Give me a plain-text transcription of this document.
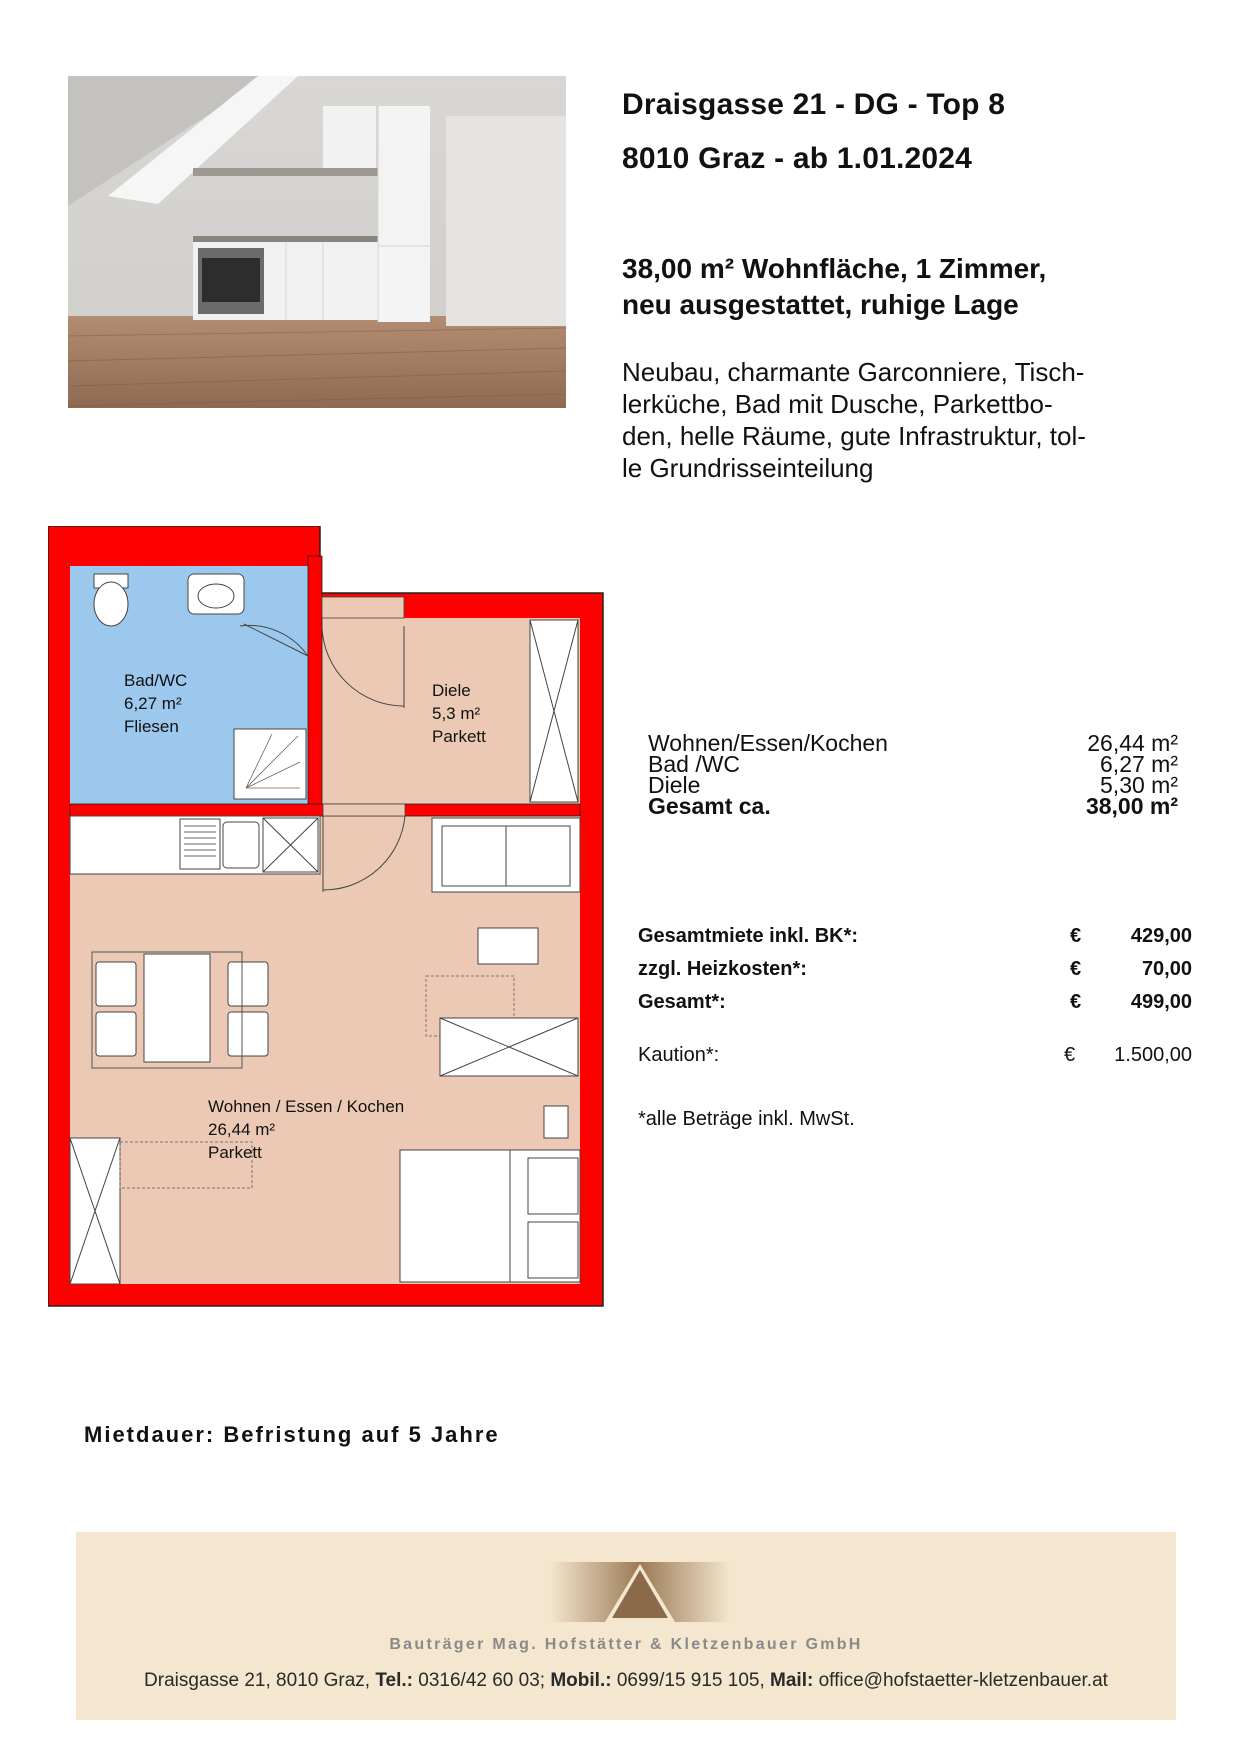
Draisgasse 21 - DG - Top 8
8010 Graz - ab 1.01.2024
38,00 m² Wohnfläche, 1 Zimmer,
neu ausgestattet, ruhige Lage
Neubau, charmante Garconniere, Tisch-
lerküche, Bad mit Dusche, Parkettbo-
den, helle Räume, gute Infrastruktur, tol-
le Grundrisseinteilung
Bad/WC
6,27 m²
Fliesen
Diele
5,3 m²
Parkett
Wohnen / Essen / Kochen
26,44 m²
Parkett
Wohnen/Essen/Kochen	26,44 m²
Bad /WC	6,27 m²
Diele	5,30 m²
Gesamt ca.	38,00 m²
Gesamtmiete inkl. BK*:	€ 429,00
zzgl. Heizkosten*:	€	70,00
Gesamt*:	€ 499,00
Kaution*:	€ 1.500,00
*alle Beträge inkl. MwSt.
Mietdauer: Befristung auf 5 Jahre
Bauträger Mag. Hofstätter & Kletzenbauer GmbH
Draisgasse 21, 8010 Graz, Tel.: 0316/42 60 03; Mobil.: 0699/15 915 105, Mail: office@hofstaetter-kletzenbauer.at
